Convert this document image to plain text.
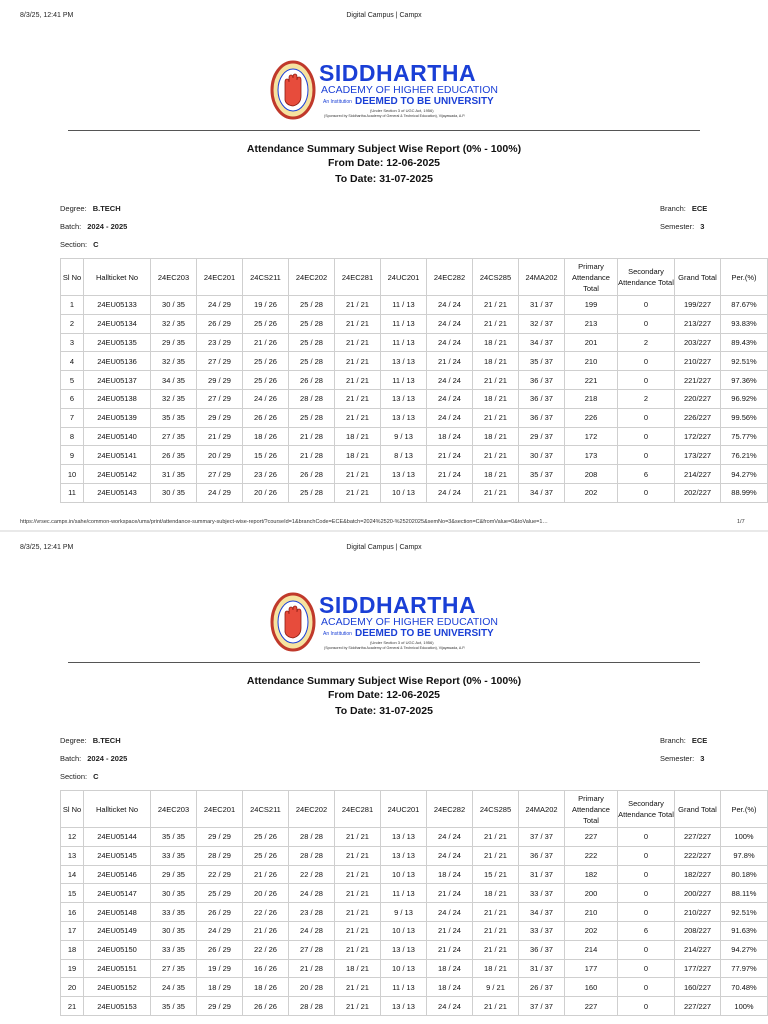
8/3/25, 12:41 PM	Digital Campus | Campx
SIDDHARTHA
ACADEMY OF HIGHER EDUCATION
An Institution DEEMED TO BE UNIVERSITY
(Under Section 3 of UGC Act, 1956)
(Sponsored by Siddhartha Academy of General & Technical Education), Vijayawada, A.P.
Attendance Summary Subject Wise Report (0% - 100%)
From Date: 12-06-2025
To Date: 31-07-2025
Degree: B.TECH
Batch: 2024 - 2025
Section: C
Branch: ECE
Semester: 3
Sl No	Hallticket No	24EC203	24EC201	24CS211	24EC202	24EC281	24UC201	24EC282	24CS285	24MA202	Primary Attendance Total	Secondary Attendance Total	Grand Total	Per.(%)
1	24EU05133	30 / 35	24 / 29	19 / 26	25 / 28	21 / 21	11 / 13	24 / 24	21 / 21	31 / 37	199	0	199/227	87.67%
2	24EU05134	32 / 35	26 / 29	25 / 26	25 / 28	21 / 21	11 / 13	24 / 24	21 / 21	32 / 37	213	0	213/227	93.83%
3	24EU05135	29 / 35	23 / 29	21 / 26	25 / 28	21 / 21	11 / 13	24 / 24	18 / 21	34 / 37	201	2	203/227	89.43%
4	24EU05136	32 / 35	27 / 29	25 / 26	25 / 28	21 / 21	13 / 13	21 / 24	18 / 21	35 / 37	210	0	210/227	92.51%
5	24EU05137	34 / 35	29 / 29	25 / 26	26 / 28	21 / 21	11 / 13	24 / 24	21 / 21	36 / 37	221	0	221/227	97.36%
6	24EU05138	32 / 35	27 / 29	24 / 26	28 / 28	21 / 21	13 / 13	24 / 24	18 / 21	36 / 37	218	2	220/227	96.92%
7	24EU05139	35 / 35	29 / 29	26 / 26	25 / 28	21 / 21	13 / 13	24 / 24	21 / 21	36 / 37	226	0	226/227	99.56%
8	24EU05140	27 / 35	21 / 29	18 / 26	21 / 28	18 / 21	9 / 13	18 / 24	18 / 21	29 / 37	172	0	172/227	75.77%
9	24EU05141	26 / 35	20 / 29	15 / 26	21 / 28	18 / 21	8 / 13	21 / 24	21 / 21	30 / 37	173	0	173/227	76.21%
10	24EU05142	31 / 35	27 / 29	23 / 26	26 / 28	21 / 21	13 / 13	21 / 24	18 / 21	35 / 37	208	6	214/227	94.27%
11	24EU05143	30 / 35	24 / 29	20 / 26	25 / 28	21 / 21	10 / 13	24 / 24	21 / 21	34 / 37	202	0	202/227	88.99%
https://vrsec.campx.in/sahe/common-workspace/ums/print/attendance-summary-subject-wise-report/?courseId=1&branchCode=ECE&batch=2024%2520-%25202025&semNo=3&section=C&fromValue=0&toValue=1…	1/7
8/3/25, 12:41 PM	Digital Campus | Campx
SIDDHARTHA
ACADEMY OF HIGHER EDUCATION
An Institution DEEMED TO BE UNIVERSITY
(Under Section 3 of UGC Act, 1956)
(Sponsored by Siddhartha Academy of General & Technical Education), Vijayawada, A.P.
Attendance Summary Subject Wise Report (0% - 100%)
From Date: 12-06-2025
To Date: 31-07-2025
Degree: B.TECH
Batch: 2024 - 2025
Section: C
Branch: ECE
Semester: 3
Sl No	Hallticket No	24EC203	24EC201	24CS211	24EC202	24EC281	24UC201	24EC282	24CS285	24MA202	Primary Attendance Total	Secondary Attendance Total	Grand Total	Per.(%)
12	24EU05144	35 / 35	29 / 29	25 / 26	28 / 28	21 / 21	13 / 13	24 / 24	21 / 21	37 / 37	227	0	227/227	100%
13	24EU05145	33 / 35	28 / 29	25 / 26	28 / 28	21 / 21	13 / 13	24 / 24	21 / 21	36 / 37	222	0	222/227	97.8%
14	24EU05146	29 / 35	22 / 29	21 / 26	22 / 28	21 / 21	10 / 13	18 / 24	15 / 21	31 / 37	182	0	182/227	80.18%
15	24EU05147	30 / 35	25 / 29	20 / 26	24 / 28	21 / 21	11 / 13	21 / 24	18 / 21	33 / 37	200	0	200/227	88.11%
16	24EU05148	33 / 35	26 / 29	22 / 26	23 / 28	21 / 21	9 / 13	24 / 24	21 / 21	34 / 37	210	0	210/227	92.51%
17	24EU05149	30 / 35	24 / 29	21 / 26	24 / 28	21 / 21	10 / 13	21 / 24	21 / 21	33 / 37	202	6	208/227	91.63%
18	24EU05150	33 / 35	26 / 29	22 / 26	27 / 28	21 / 21	13 / 13	21 / 24	21 / 21	36 / 37	214	0	214/227	94.27%
19	24EU05151	27 / 35	19 / 29	16 / 26	21 / 28	18 / 21	10 / 13	18 / 24	18 / 21	31 / 37	177	0	177/227	77.97%
20	24EU05152	24 / 35	18 / 29	18 / 26	20 / 28	21 / 21	11 / 13	18 / 24	9 / 21	26 / 37	160	0	160/227	70.48%
21	24EU05153	35 / 35	29 / 29	26 / 26	28 / 28	21 / 21	13 / 13	24 / 24	21 / 21	37 / 37	227	0	227/227	100%
